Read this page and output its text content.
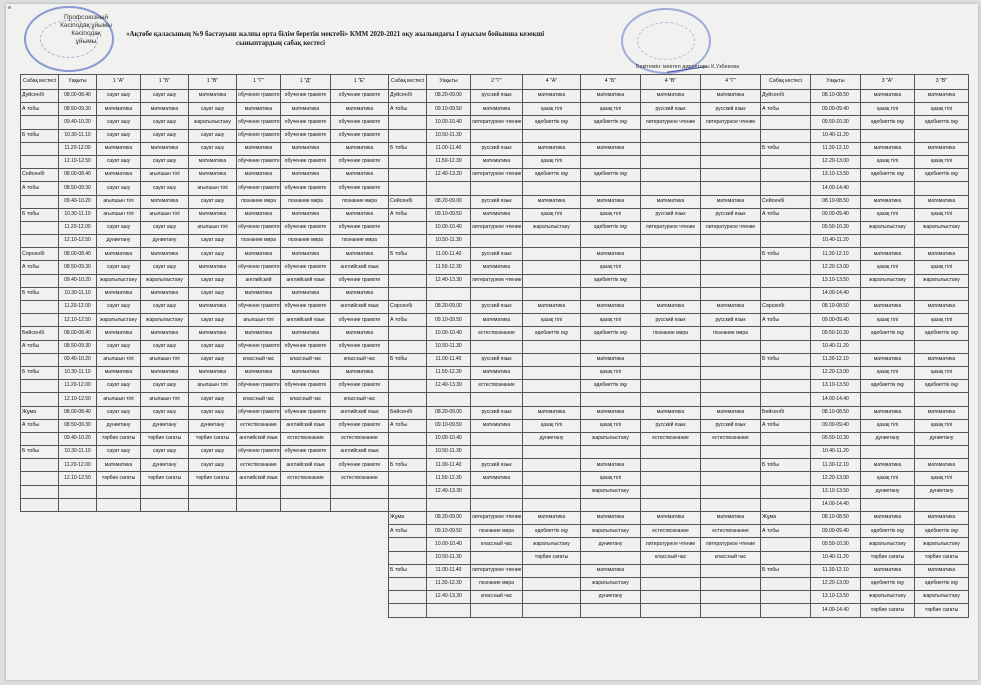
Профсоюзный
Кәсіподақ ұйымы
Кәсіподақ
ұйымы
«Ақтөбе қаласының №9 бастауыш жалпы орта білім беретін мектебі» КММ 2020-2021 оқу жылындағы I ауысым бойынша кезекші
сыныптардың сабақ кестесі
Бекітемін: мектеп директоры К.Узбекова
Сабақ кестесі	Уақыты	1 "А"	1 "Б"	1 "В"	1 "Г"	1 "Д"	1 "Е"	Сабақ кестесі	Уақыты	2 "Г"	4 "А"	4 "Б"	4 "В"	4 "Г"	Сабақ кестесі	Уақыты	3 "А"	3 "В"
Дүйсенбі	08.00-08.40	сауат ашу	сауат ашу	математика	обучение грамоте	обучение грамоте	обучение грамоте	Дүйсенбі	08.20-09.00	русский язык	математика	математика	математика	математика	Дүйсенбі	08.10-08.50	математика	математика
А тобы	08.50-09.30	математика	математика	сауат ашу	математика	математика	математика	А тобы	09.10-09.50	математика	қазақ тілі	қазақ тілі	русский язык	русский язык	А тобы	09.00-09.40	қазақ тілі	қазақ тілі
	09.40-10.20	сауат ашу	сауат ашу	жаратылыстану	обучение грамоте	обучение грамоте	обучение грамоте		10.00-10.40	литературное чтение	әдебиеттік оқу	әдебиеттік оқу	литературное чтение	литературное чтение		09.50-10.30	әдебиеттік оқу	әдебиеттік оқу
Б тобы	10.30-11.10	сауат ашу	сауат ашу	сауат ашу	обучение грамоте	обучение грамоте	обучение грамоте		10.50-11.30							10.40-11.20		
	11.20-12.00	математика	математика	сауат ашу	математика	математика	математика	Б тобы	11.00-11.40	русский язык	математика	математика			Б тобы	11.30-12.10	математика	математика
	12.10-12.50	сауат ашу	сауат ашу	математика	обучение грамоте	обучение грамоте	обучение грамоте		11.50-12.30	математика	қазақ тілі					12.20-13.00	қазақ тілі	қазақ тілі
Сейсенбі	08.00-08.40	математика	ағылшын тілі	математика	математика	математика	математика		12.40-13.20	литературное чтение	әдебиеттік оқу	әдебиеттік оқу				13.10-13.50	әдебиеттік оқу	әдебиеттік оқу
А тобы	08.50-09.30	сауат ашу	сауат ашу	ағылшын тілі	обучение грамоте	обучение грамоте	обучение грамоте									14.00-14.40		
	09.40-10.20	ағылшын тілі	математика	сауат ашу	познание мира	познание мира	познание мира	Сейсенбі	08.20-09.00	русский язык	математика	математика	математика	математика	Сейсенбі	08.10-08.50	математика	математика
Б тобы	10.30-11.10	ағылшын тілі	ағылшын тілі	математика	математика	математика	математика	А тобы	09.10-09.50	математика	қазақ тілі	қазақ тілі	русский язык	русский язык	А тобы	09.00-09.40	қазақ тілі	қазақ тілі
	11.20-12.00	сауат ашу	сауат ашу	ағылшын тілі	обучение грамоте	обучение грамоте	обучение грамоте		10.00-10.40	литературное чтение	жаратылыстану	әдебиеттік оқу	литературное чтение	литературное чтение		09.50-10.30	жаратылыстану	жаратылыстану
	12.10-12.50	дүниетану	дүниетану	сауат ашу	познание мира	познание мира	познание мира		10.50-11.30							10.40-11.20		
Сәрсенбі	08.00-08.40	математика	математика	сауат ашу	математика	математика	математика	Б тобы	11.00-11.40	русский язык		математика			Б тобы	11.30-12.10	математика	математика
А тобы	08.50-09.30	сауат ашу	сауат ашу	математика	обучение грамоте	обучение грамоте	английский язык		11.50-12.30	математика		қазақ тілі				12.20-13.00	қазақ тілі	қазақ тілі
	09.40-10.20	жаратылыстану	жаратылыстану	сауат ашу	английский	английский язык	обучение грамоте		12.40-13.30	литературное чтение		әдебиеттік оқу				13.10-13.50	жаратылыстану	жаратылыстану
Б тобы	10.30-11.10	математика	математика	сауат ашу	математика	математика	математика									14.00-14.40		
	11.20-12.00	сауат ашу	сауат ашу	математика	обучение грамоте	обучение грамоте	английский язык	Сәрсенбі	08.20-09.00	русский язык	математика	математика	математика	математика	Сәрсенбі	08.10-08.50	математика	математика
	12.10-12.50	жаратылыстану	жаратылыстану	сауат ашу	ағылшын тілі	английский язык	обучение грамоте	А тобы	09.10-09.50	математика	қазақ тілі	қазақ тілі	русский язык	русский язык	А тобы	09.00-09.40	қазақ тілі	қазақ тілі
Бейсенбі	08.00-08.40	математика	математика	математика	математика	математика	математика		10.00-10.40	естествознание	әдебиеттік оқу	әдебиеттік оқу	познание мира	познание мира		09.50-10.30	әдебиеттік оқу	әдебиеттік оқу
А тобы	08.50-09.30	сауат ашу	сауат ашу	сауат ашу	обучение грамоте	обучение грамоте	обучение грамоте		10.50-11.30							10.40-11.20		
	09.40-10.20	ағылшын тілі	ағылшын тілі	сауат ашу	классный час	классный час	классный час	Б тобы	11.00-11.40	русский язык		математика			Б тобы	11.30-12.10	математика	математика
Б тобы	10.30-11.10	математика	математика	математика	математика	математика	математика		11.50-12.30	математика		қазақ тілі				12.20-13.00	қазақ тілі	қазақ тілі
	11.20-12.00	сауат ашу	сауат ашу	ағылшын тілі	обучение грамоте	обучение грамоте	обучение грамоте		12.40-13.30	естествознание		әдебиеттік оқу				13.10-13.50	әдебиеттік оқу	әдебиеттік оқу
	12.10-12.50	ағылшын тілі	ағылшын тілі	сауат ашу	классный час	классный час	классный час									14.00-14.40		
Жұма	08.00-08.40	сауат ашу	сауат ашу	сауат ашу	обучение грамоте	обучение грамоте	английский язык	Бейсенбі	08.20-09.00	русский язык	математика	математика	математика	математика	Бейсенбі	08.10-08.50	математика	математика
А тобы	08.50-09.30	дүниетану	дүниетану	дүниетану	естествознание	английский язык	обучение грамоте	А тобы	09.10-09.50	математика	қазақ тілі	қазақ тілі	русский язык	русский язык	А тобы	09.00-09.40	қазақ тілі	қазақ тілі
	09.40-10.20	тәрбие сағаты	тәрбие сағаты	тәрбие сағаты	английский язык	естествознание	естествознание		10.00-10.40		дүниетану	жаратылыстану	естествознание	естествознание		09.50-10.30	дүниетану	дүниетану
Б тобы	10.30-11.10	сауат ашу	сауат ашу	сауат ашу	обучение грамоте	обучение грамоте	английский язык		10.50-11.30							10.40-11.20		
	11.20-12.00	математика	дүниетану	сауат ашу	естествознание	английский язык	обучение грамоте	Б тобы	11.00-11.40	русский язык		математика			Б тобы	11.30-12.10	математика	математика
	12.10-12.50	тәрбие сағаты	тәрбие сағаты	тәрбие сағаты	английский язык	естествознание	естествознание		11.50-12.30	математика		қазақ тілі				12.20-13.00	қазақ тілі	қазақ тілі
									12.40-13.30			жаратылыстану				13.10-13.50	дүниетану	дүниетану
																14.00-14.40		
								Жұма	08.20-09.00	литературное чтение	математика	математика	математика	математика	Жұма	08.10-08.50	математика	математика
								А тобы	09.10-09.50	познание мира	әдебиеттік оқу	жаратылыстану	естествознание	естествознание	А тобы	09.00-09.40	әдебиеттік оқу	әдебиеттік оқу
									10.00-10.40	классный час	жаратылыстану	дүниетану	литературное чтение	литературное чтение		09.50-10.30	жаратылыстану	жаратылыстану
									10.50-11.30		тәрбие сағаты		классный час	классный час		10.40-11.20	тәрбие сағаты	тәрбие сағаты
								Б тобы	11.00-11.40	литературное чтение		математика			Б тобы	11.30-12.10	математика	математика
									11.30-12.30	познание мира		жаратылыстану				12.20-13.00	әдебиеттік оқу	әдебиеттік оқу
									12.40-13.30	классный час		дүниетану				13.10-13.50	жаратылыстану	жаратылыстану
																14.00-14.40	тәрбие сағаты	тәрбие сағаты
